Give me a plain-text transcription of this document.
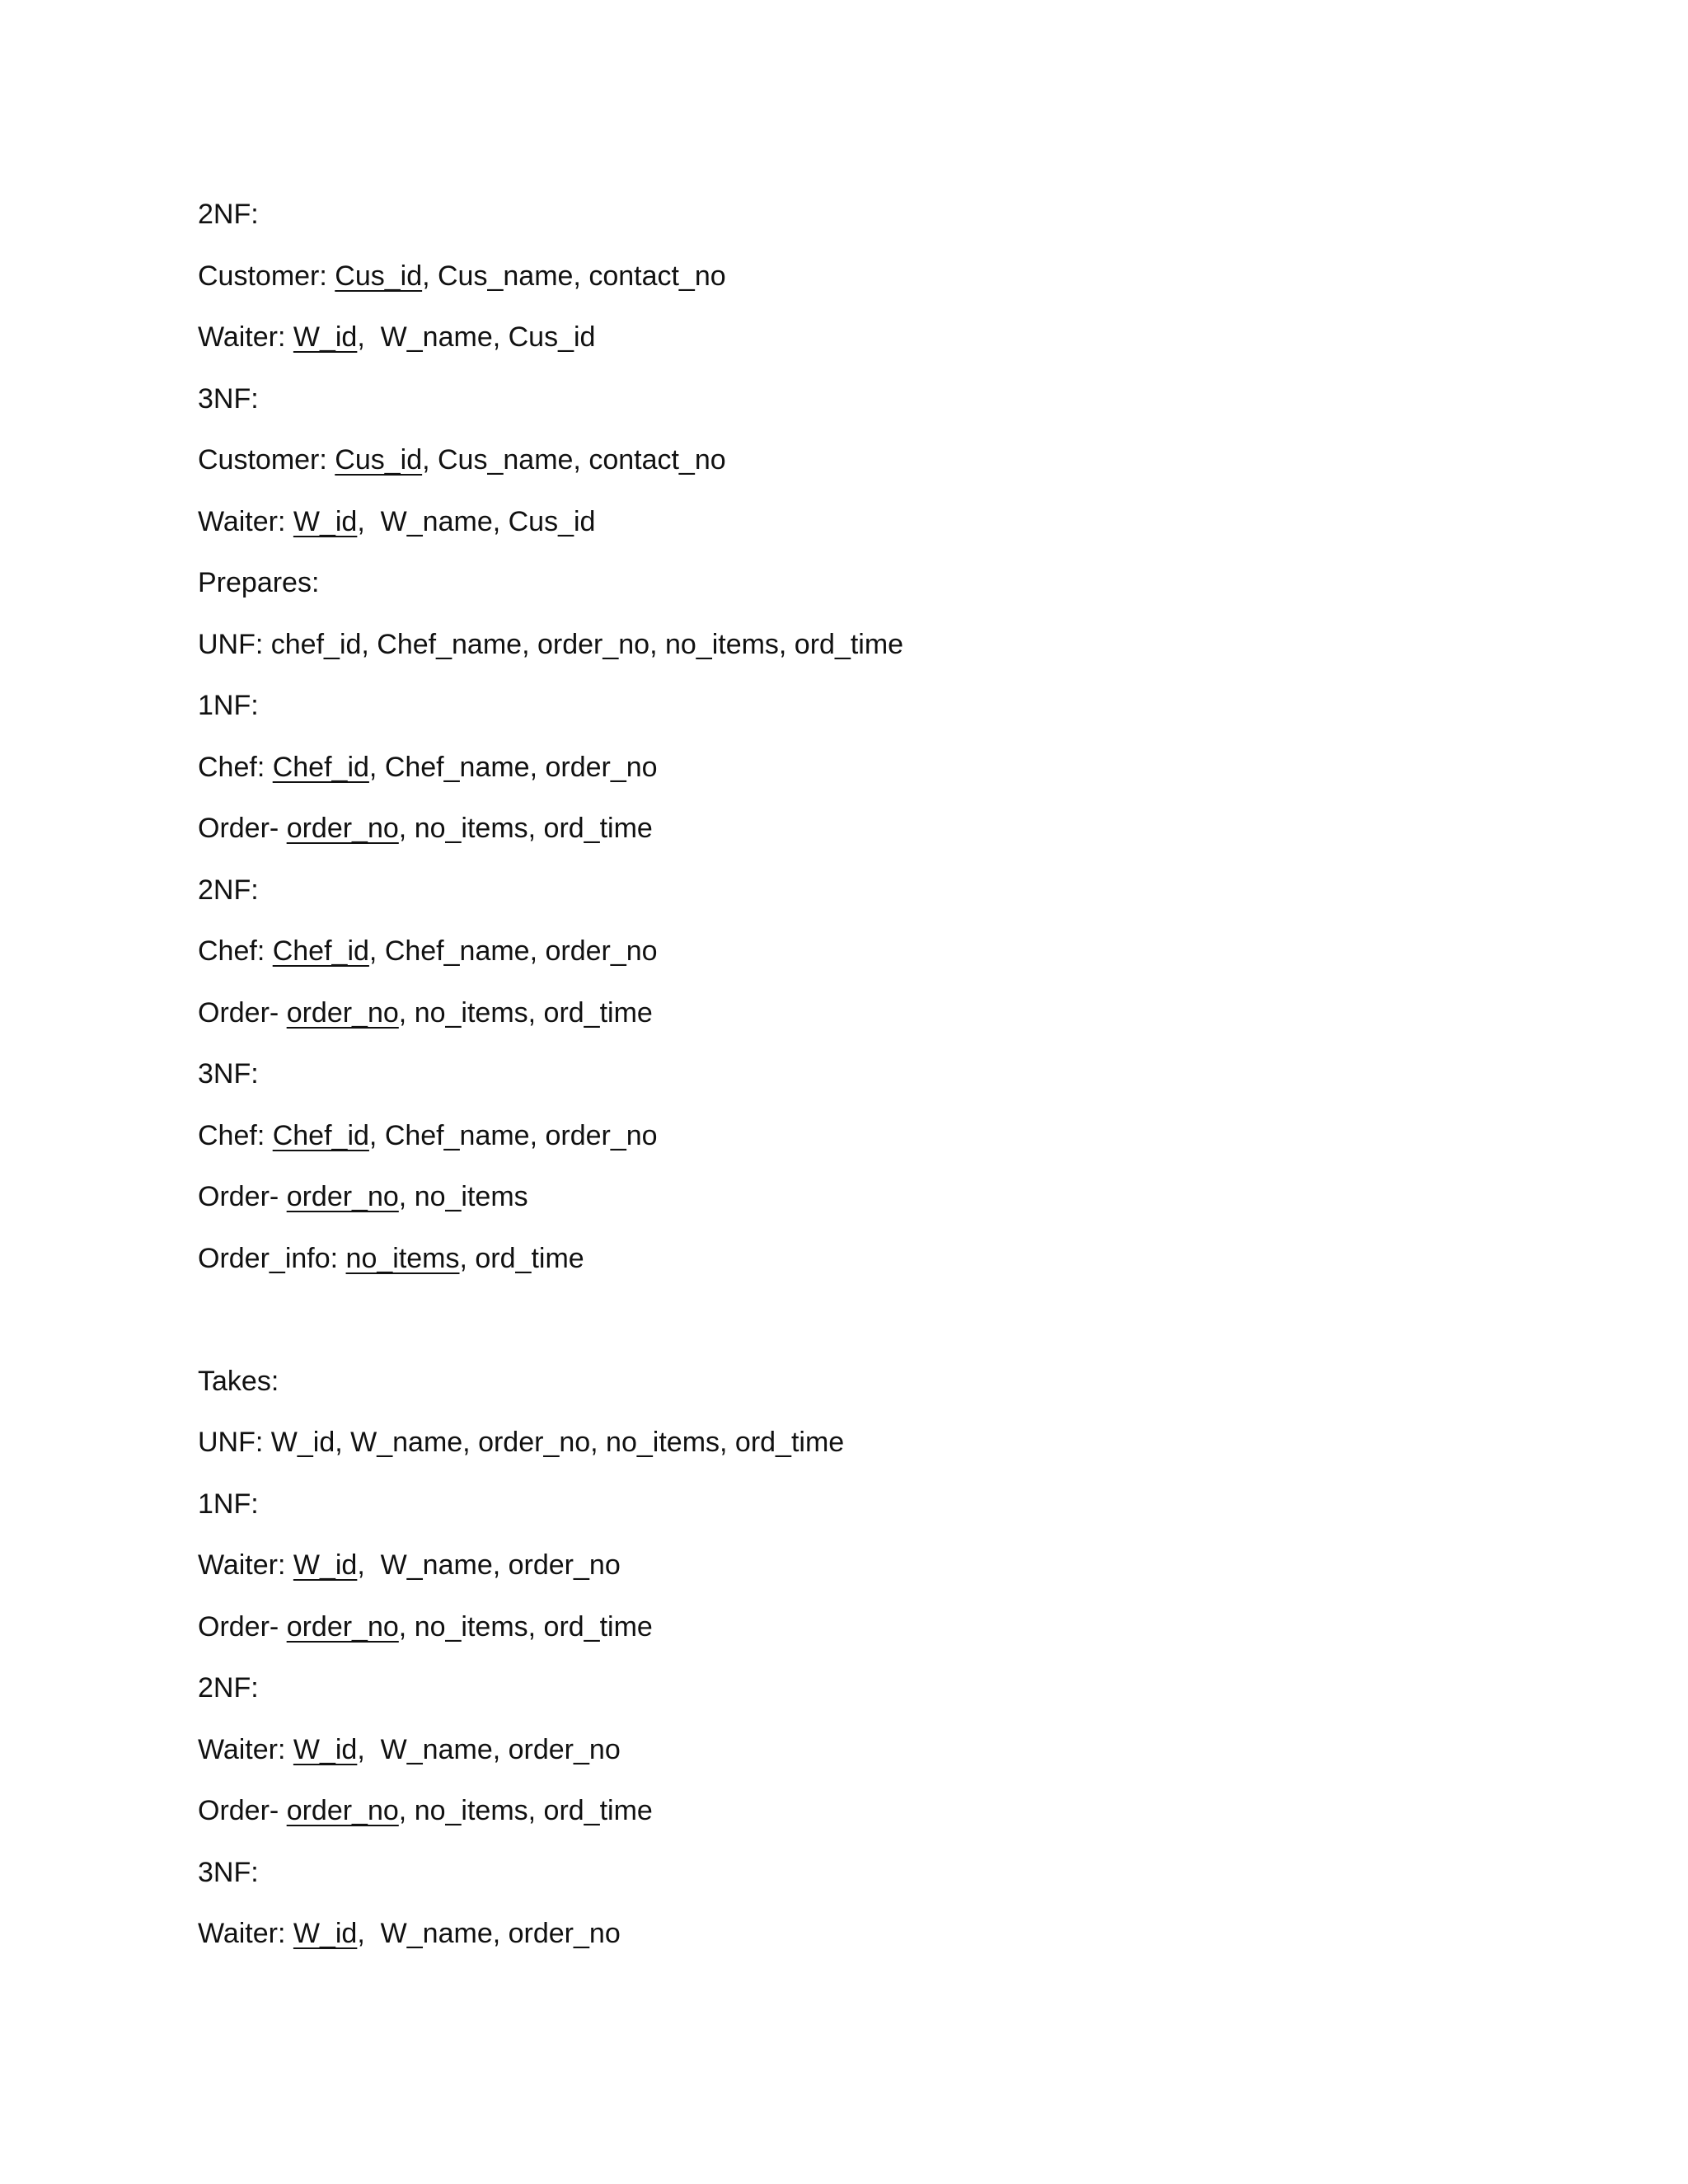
2NF:
Customer: Cus_id, Cus_name, contact_no
Waiter: W_id,  W_name, Cus_id
3NF:
Customer: Cus_id, Cus_name, contact_no
Waiter: W_id,  W_name, Cus_id
Prepares:
UNF: chef_id, Chef_name, order_no, no_items, ord_time
1NF:
Chef: Chef_id, Chef_name, order_no
Order- order_no, no_items, ord_time
2NF:
Chef: Chef_id, Chef_name, order_no
Order- order_no, no_items, ord_time
3NF:
Chef: Chef_id, Chef_name, order_no
Order- order_no, no_items
Order_info: no_items, ord_time
Takes:
UNF: W_id, W_name, order_no, no_items, ord_time
1NF:
Waiter: W_id,  W_name, order_no
Order- order_no, no_items, ord_time
2NF:
Waiter: W_id,  W_name, order_no
Order- order_no, no_items, ord_time
3NF:
Waiter: W_id,  W_name, order_no
